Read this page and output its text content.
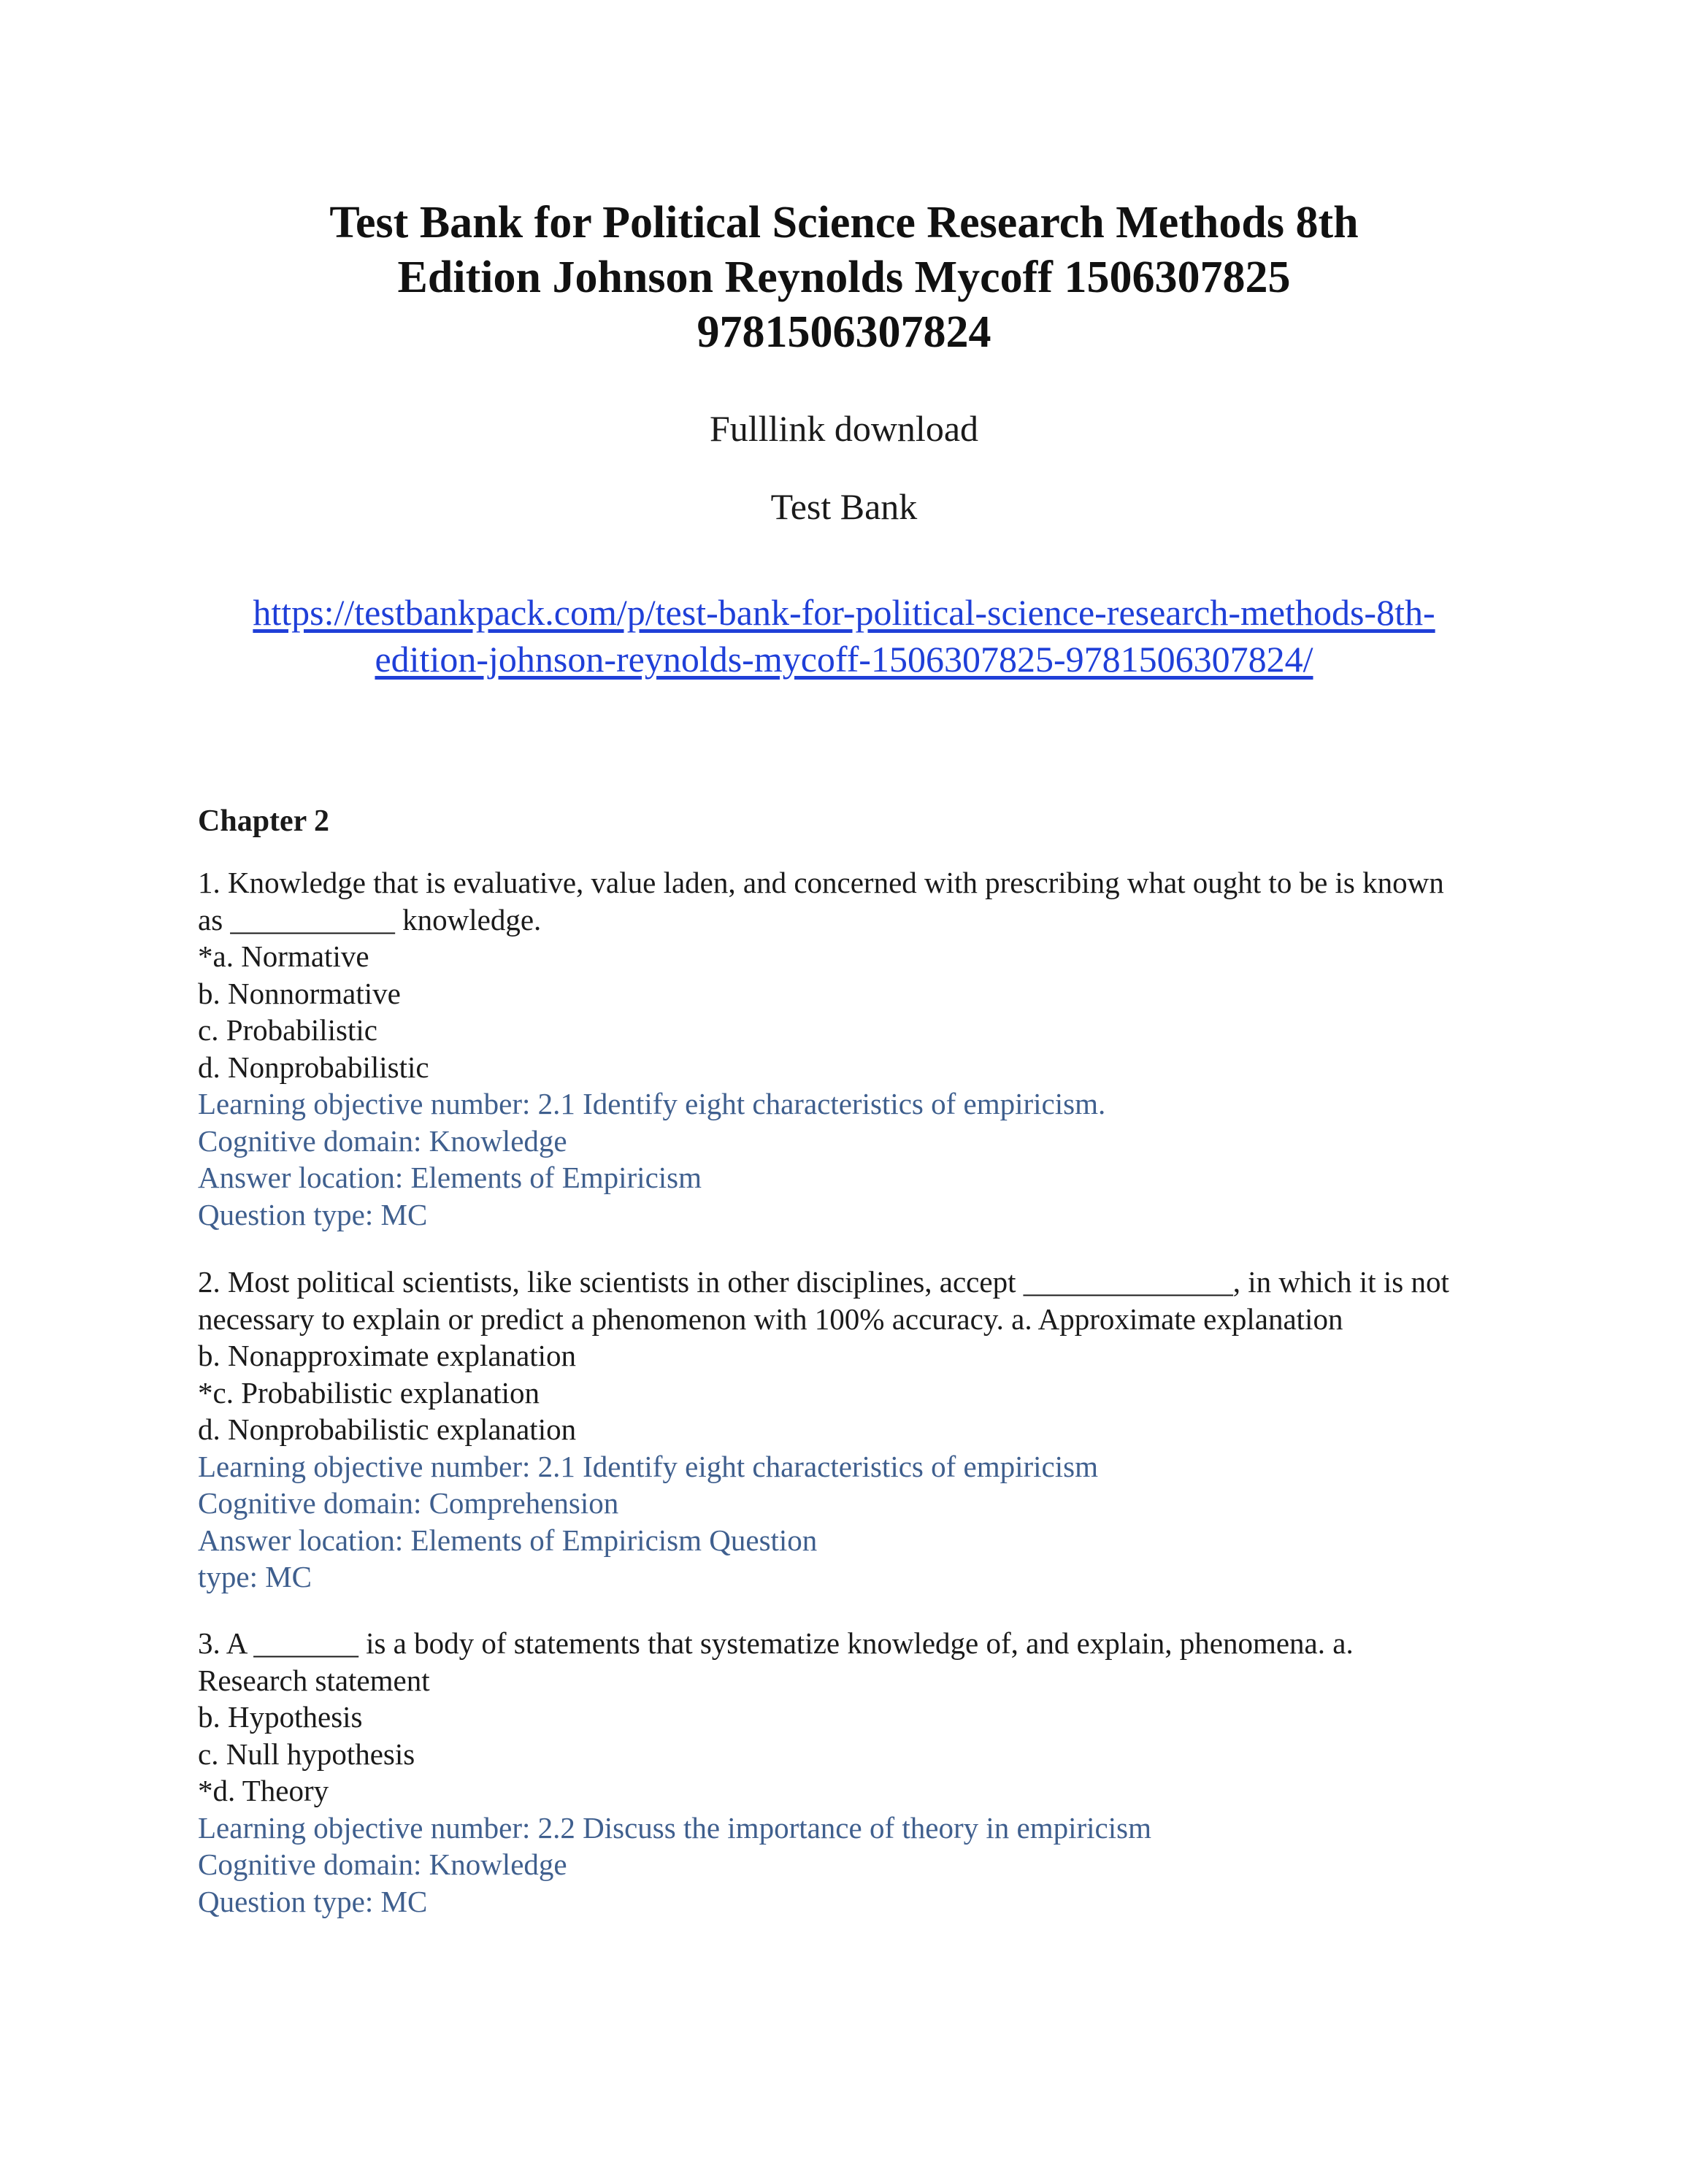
Test Bank for Political Science Research Methods 8th
Edition Johnson Reynolds Mycoff 1506307825
9781506307824
Fulllink download
Test Bank
https://testbankpack.com/p/test-bank-for-political-science-research-methods-8th-
edition-johnson-reynolds-mycoff-1506307825-9781506307824/
Chapter 2
1. Knowledge that is evaluative, value laden, and concerned with prescribing what ought to be is known
as ___________ knowledge.
*a. Normative
b. Nonnormative
c. Probabilistic
d. Nonprobabilistic
Learning objective number: 2.1 Identify eight characteristics of empiricism.
Cognitive domain: Knowledge
Answer location: Elements of Empiricism
Question type: MC
2. Most political scientists, like scientists in other disciplines, accept ______________, in which it is not
necessary to explain or predict a phenomenon with 100% accuracy. a. Approximate explanation
b. Nonapproximate explanation
*c. Probabilistic explanation
d. Nonprobabilistic explanation
Learning objective number: 2.1 Identify eight characteristics of empiricism
Cognitive domain: Comprehension
Answer location: Elements of Empiricism Question
type: MC
3. A _______ is a body of statements that systematize knowledge of, and explain, phenomena. a.
Research statement
b. Hypothesis
c. Null hypothesis
*d. Theory
Learning objective number: 2.2 Discuss the importance of theory in empiricism
Cognitive domain: Knowledge
Question type: MC
